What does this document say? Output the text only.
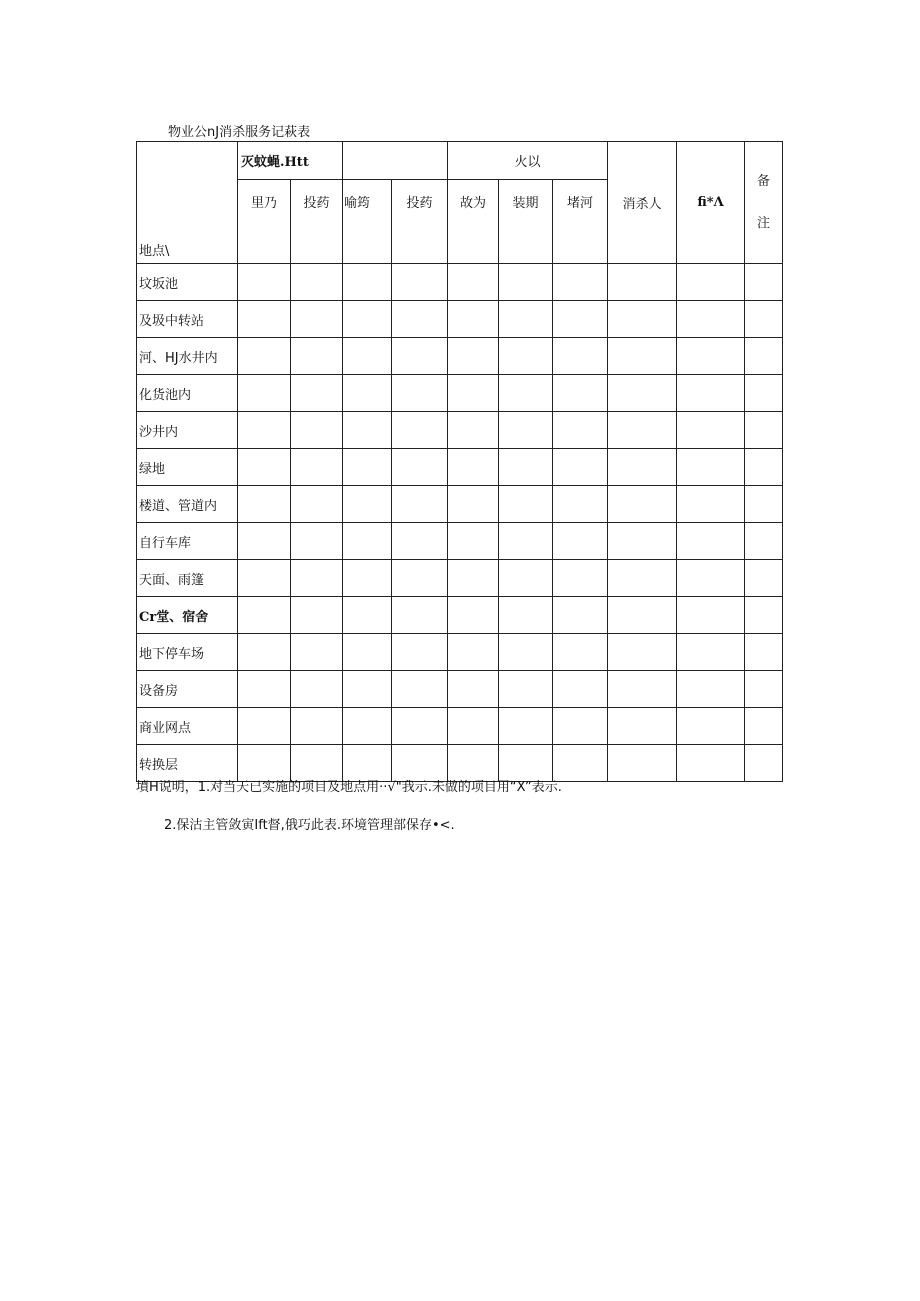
物业公nJ消杀服务记萩表
地点\	灭蚊蝇.Htt				火以			消杀人	fi*Λ	备
注
	里乃	投药	喻筠	投药	故为	装期	堵河			
坟坂池										
及圾中转站										
河、HJ水井内										
化货池内										
沙井内										
绿地										
楼道、管道内										
自行车库										
天面、雨篷										
Cr堂、宿舍										
地下停车场										
设备房										
商业网点										
转换层										
墳H说明，1.对当天已实施的项目及地点用··√"我示.未做的项目用“X”表示.
2.保沽主管敛寅Ift督,俄巧此表.环境管理部保存•<.
